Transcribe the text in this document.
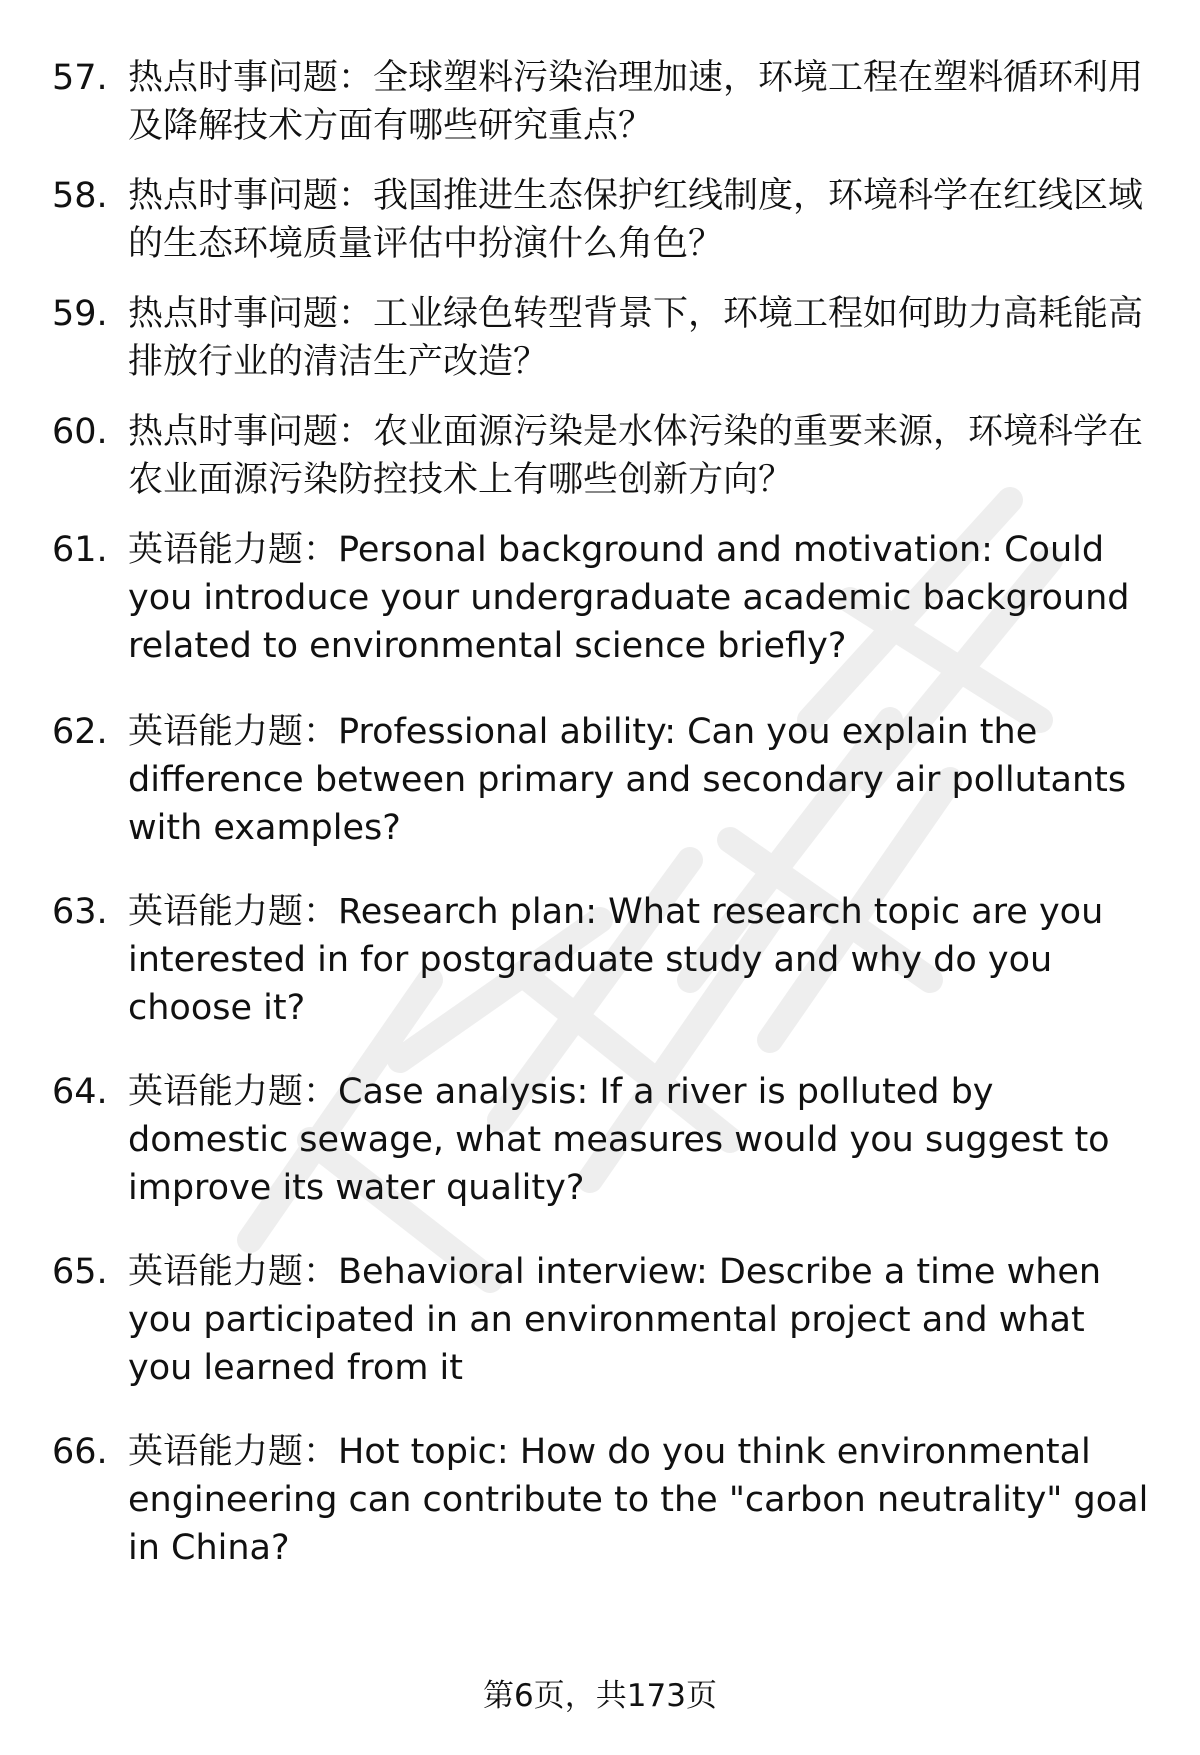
57. 热点时事问题：全球塑料污染治理加速，环境工程在塑料循环利用及降解技术方面有哪些研究重点？
58. 热点时事问题：我国推进生态保护红线制度，环境科学在红线区域的生态环境质量评估中扮演什么角色？
59. 热点时事问题：工业绿色转型背景下，环境工程如何助力高耗能高排放行业的清洁生产改造？
60. 热点时事问题：农业面源污染是水体污染的重要来源，环境科学在农业面源污染防控技术上有哪些创新方向？
61. 英语能力题：Personal background and motivation: Could you introduce your undergraduate academic background related to environmental science briefly?
62. 英语能力题：Professional ability: Can you explain the difference between primary and secondary air pollutants with examples?
63. 英语能力题：Research plan: What research topic are you interested in for postgraduate study and why do you choose it?
64. 英语能力题：Case analysis: If a river is polluted by domestic sewage, what measures would you suggest to improve its water quality?
65. 英语能力题：Behavioral interview: Describe a time when you participated in an environmental project and what you learned from it
66. 英语能力题：Hot topic: How do you think environmental engineering can contribute to the "carbon neutrality" goal in China?
第6页，共173页
